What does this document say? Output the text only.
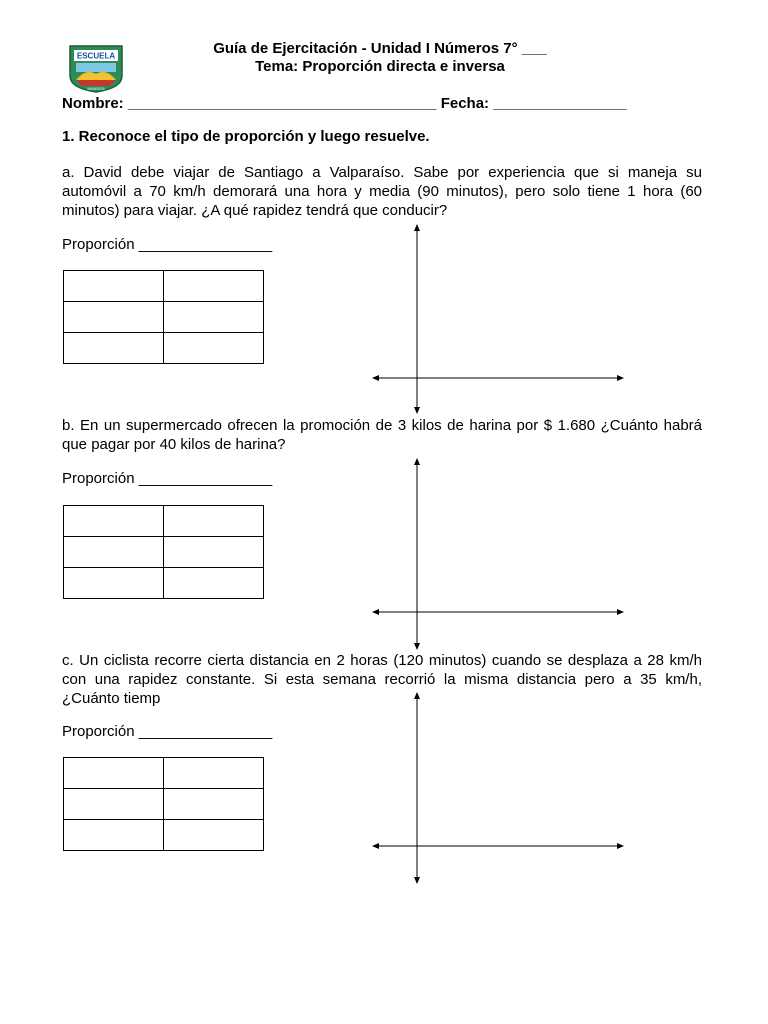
ESCUELA
MANRESA
Guía de Ejercitación - Unidad I Números 7° ___
Tema: Proporción directa e inversa
Nombre: _____________________________________ Fecha: ________________
1. Reconoce el tipo de proporción y luego resuelve.
a. David debe viajar de Santiago a Valparaíso. Sabe por experiencia que si maneja su automóvil a 70 km/h demorará una hora y media (90 minutos), pero solo tiene 1 hora (60 minutos) para viajar. ¿A qué rapidez tendrá que conducir?
Proporción ________________

b. En un supermercado ofrecen la promoción de 3 kilos de harina por $ 1.680 ¿Cuánto habrá que pagar por 40 kilos de harina?
Proporción ________________

c. Un ciclista recorre cierta distancia en 2 horas (120 minutos) cuando se desplaza a 28 km/h con una rapidez constante. Si esta semana recorrió la misma distancia pero a 35 km/h, ¿Cuánto tiemp
Proporción ________________
